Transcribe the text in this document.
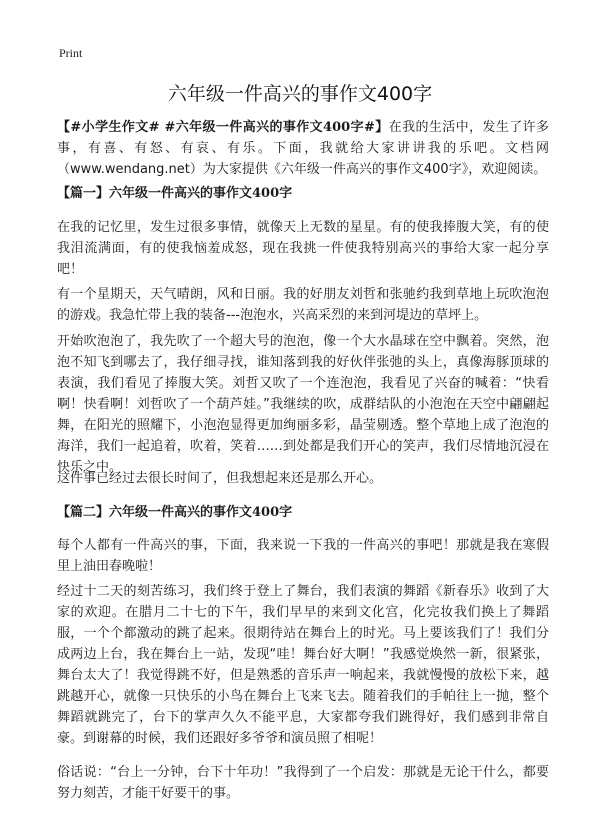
Print
六年级一件高兴的事作文400字

【#小学生作文# #六年级一件高兴的事作文400字#】在我的生活中，发生了许多事，有喜、有怒、有哀、有乐。下面，我就给大家讲讲我的乐吧。文档网（www.wendang.net）为大家提供《六年级一件高兴的事作文400字》，欢迎阅读。

【篇一】六年级一件高兴的事作文400字

在我的记忆里，发生过很多事情，就像天上无数的星星。有的使我捧腹大笑，有的使我泪流满面，有的使我恼羞成怒，现在我挑一件使我特别高兴的事给大家一起分享吧！

有一个星期天，天气晴朗，风和日丽。我的好朋友刘哲和张驰约我到草地上玩吹泡泡的游戏。我急忙带上我的装备---泡泡水，兴高采烈的来到河堤边的草坪上。

开始吹泡泡了，我先吹了一个超大号的泡泡，像一个大水晶球在空中飘着。突然，泡泡不知飞到哪去了，我仔细寻找，谁知落到我的好伙伴张弛的头上，真像海豚顶球的表演，我们看见了捧腹大笑。刘哲又吹了一个连泡泡，我看见了兴奋的喊着：“快看啊！快看啊！刘哲吹了一个葫芦娃。”我继续的吹，成群结队的小泡泡在天空中翩翩起舞，在阳光的照耀下，小泡泡显得更加绚丽多彩，晶莹剔透。整个草地上成了泡泡的海洋，我们一起追着，吹着，笑着……到处都是我们开心的笑声，我们尽情地沉浸在快乐之中。

这件事已经过去很长时间了，但我想起来还是那么开心。

【篇二】六年级一件高兴的事作文400字

每个人都有一件高兴的事，下面，我来说一下我的一件高兴的事吧！那就是我在寒假里上油田春晚啦！

经过十二天的刻苦练习，我们终于登上了舞台，我们表演的舞蹈《新春乐》收到了大家的欢迎。在腊月二十七的下午，我们早早的来到文化宫，化完妆我们换上了舞蹈服，一个个都激动的跳了起来。很期待站在舞台上的时光。马上要该我们了！我们分成两边上台，我在舞台上一站，发现“哇！舞台好大啊！”我感觉焕然一新，很紧张，舞台太大了！我觉得跳不好，但是熟悉的音乐声一响起来，我就慢慢的放松下来，越跳越开心，就像一只快乐的小鸟在舞台上飞来飞去。随着我们的手帕往上一抛，整个舞蹈就跳完了，台下的掌声久久不能平息，大家都夸我们跳得好，我们感到非常自豪。到谢幕的时候，我们还跟好多爷爷和演员照了相呢！

俗话说：“台上一分钟，台下十年功！”我得到了一个启发：那就是无论干什么，都要努力刻苦，才能干好要干的事。
